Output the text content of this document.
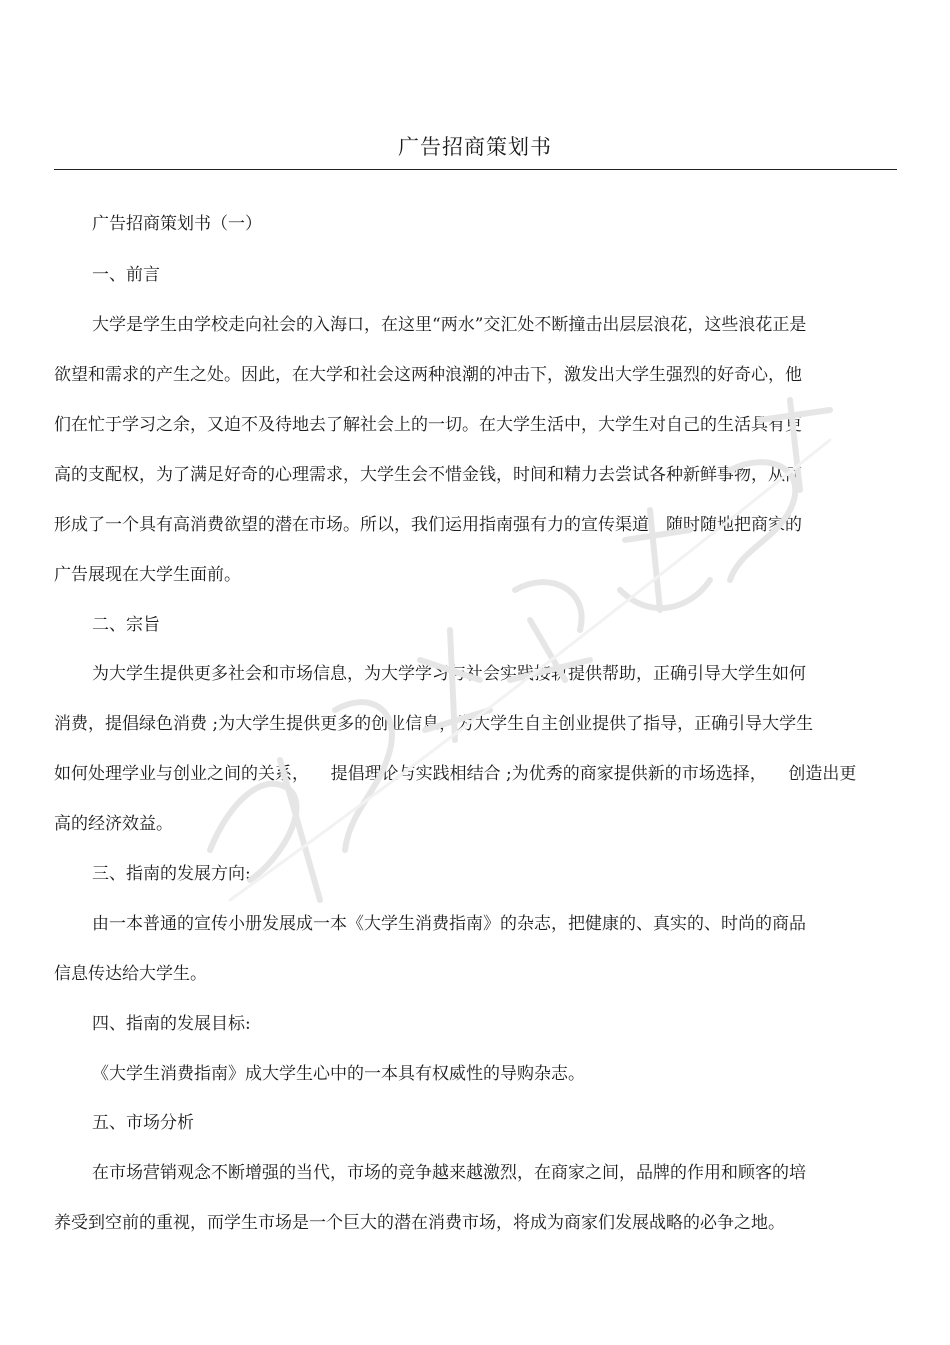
广告招商策划书
广告招商策划书（一）
一、前言
大学是学生由学校走向社会的入海口，在这里“两水”交汇处不断撞击出层层浪花，这些浪花正是
欲望和需求的产生之处。因此，在大学和社会这两种浪潮的冲击下，激发出大学生强烈的好奇心，他
们在忙于学习之余，又迫不及待地去了解社会上的一切。在大学生活中，大学生对自己的生活具有更
高的支配权，为了满足好奇的心理需求，大学生会不惜金钱，时间和精力去尝试各种新鲜事物，从而
形成了一个具有高消费欲望的潜在市场。所以，我们运用指南强有力的宣传渠道，随时随地把商家的
广告展现在大学生面前。
二、宗旨
为大学生提供更多社会和市场信息，为大学学习与社会实践接轨提供帮助，正确引导大学生如何
消费，提倡绿色消费 ;为大学生提供更多的创业信息，为大学生自主创业提供了指导，正确引导大学生
如何处理学业与创业之间的关系，    提倡理论与实践相结合 ;为优秀的商家提供新的市场选择，    创造出更
高的经济效益。
三、指南的发展方向:
由一本普通的宣传小册发展成一本《大学生消费指南》的杂志，把健康的、真实的、时尚的商品
信息传达给大学生。
四、指南的发展目标:
《大学生消费指南》成大学生心中的一本具有权威性的导购杂志。
五、市场分析
在市场营销观念不断增强的当代，市场的竞争越来越激烈，在商家之间，品牌的作用和顾客的培
养受到空前的重视，而学生市场是一个巨大的潜在消费市场，将成为商家们发展战略的必争之地。
